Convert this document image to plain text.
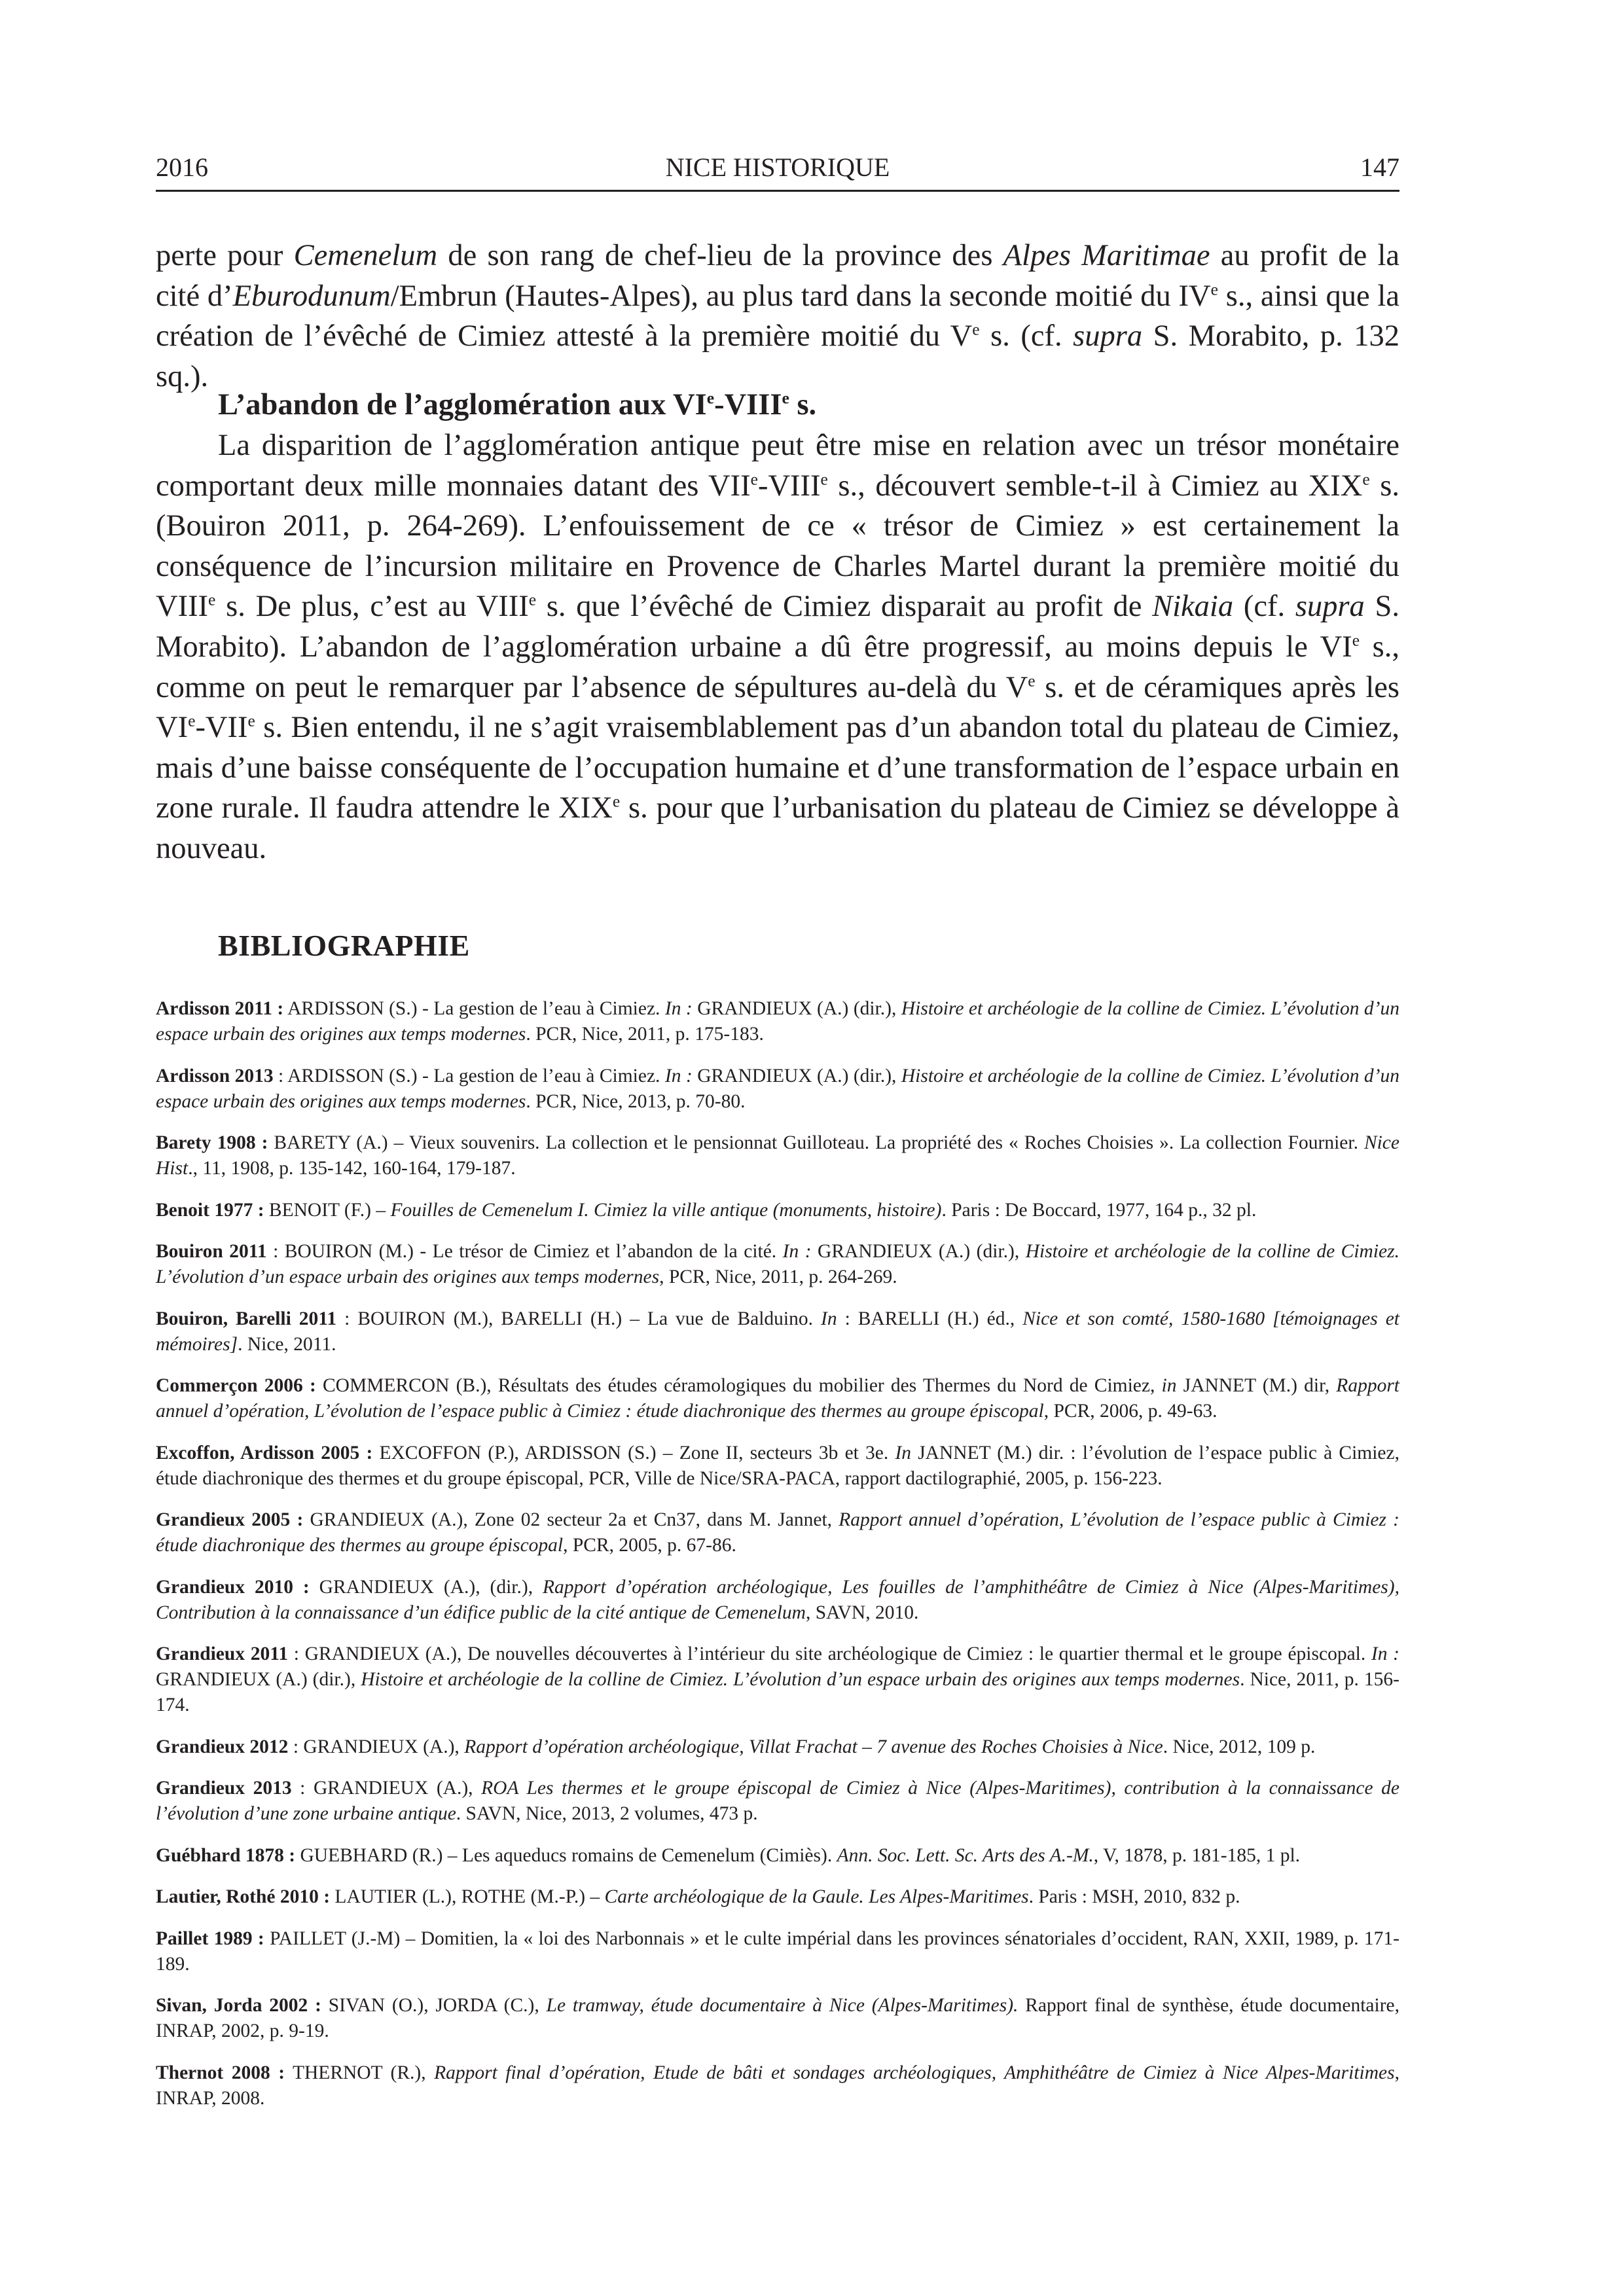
2016	NICE HISTORIQUE	147

perte pour Cemenelum de son rang de chef-lieu de la province des Alpes Maritimae au profit de la cité d’Eburodunum/Embrun (Hautes-Alpes), au plus tard dans la seconde moitié du IVe s., ainsi que la création de l’évêché de Cimiez attesté à la première moitié du Ve s. (cf. supra S. Morabito, p. 132 sq.).

L’abandon de l’agglomération aux VIe-VIIIe s.

La disparition de l’agglomération antique peut être mise en relation avec un trésor monétaire comportant deux mille monnaies datant des VIIe-VIIIe s., découvert semble-t-il à Cimiez au XIXe s. (Bouiron 2011, p. 264-269). L’enfouissement de ce « trésor de Cimiez » est certainement la conséquence de l’incursion militaire en Provence de Charles Martel durant la première moitié du VIIIe s. De plus, c’est au VIIIe s. que l’évêché de Cimiez disparait au profit de Nikaia (cf. supra S. Morabito). L’abandon de l’agglomération urbaine a dû être progressif, au moins depuis le VIe s., comme on peut le remarquer par l’absence de sépultures au-delà du Ve s. et de céramiques après les VIe-VIIe s. Bien entendu, il ne s’agit vraisemblablement pas d’un abandon total du plateau de Cimiez, mais d’une baisse conséquente de l’occupation humaine et d’une transformation de l’espace urbain en zone rurale. Il faudra attendre le XIXe s. pour que l’urbanisation du plateau de Cimiez se développe à nouveau.

BIBLIOGRAPHIE
Ardisson 2011 : ARDISSON (S.) - La gestion de l’eau à Cimiez. In : GRANDIEUX (A.) (dir.), Histoire et archéologie de la colline de Cimiez. L’évolution d’un espace urbain des origines aux temps modernes. PCR, Nice, 2011, p. 175-183.
Ardisson 2013 : ARDISSON (S.) - La gestion de l’eau à Cimiez. In : GRANDIEUX (A.) (dir.), Histoire et archéologie de la colline de Cimiez. L’évolution d’un espace urbain des origines aux temps modernes. PCR, Nice, 2013, p. 70-80.
Barety 1908 : BARETY (A.) – Vieux souvenirs. La collection et le pensionnat Guilloteau. La propriété des « Roches Choisies ». La collection Fournier. Nice Hist., 11, 1908, p. 135-142, 160-164, 179-187.
Benoit 1977 : BENOIT (F.) – Fouilles de Cemenelum I. Cimiez la ville antique (monuments, histoire). Paris : De Boccard, 1977, 164 p., 32 pl.
Bouiron 2011 : BOUIRON (M.) - Le trésor de Cimiez et l’abandon de la cité. In : GRANDIEUX (A.) (dir.), Histoire et archéologie de la colline de Cimiez. L’évolution d’un espace urbain des origines aux temps modernes, PCR, Nice, 2011, p. 264-269.
Bouiron, Barelli 2011 : BOUIRON (M.), BARELLI (H.) – La vue de Balduino. In : BARELLI (H.) éd., Nice et son comté, 1580-1680 [témoignages et mémoires]. Nice, 2011.
Commerçon 2006 : COMMERCON (B.), Résultats des études céramologiques du mobilier des Thermes du Nord de Cimiez, in JANNET (M.) dir, Rapport annuel d’opération, L’évolution de l’espace public à Cimiez : étude diachronique des thermes au groupe épiscopal, PCR, 2006, p. 49-63.
Excoffon, Ardisson 2005 : EXCOFFON (P.), ARDISSON (S.) – Zone II, secteurs 3b et 3e. In JANNET (M.) dir. : l’évolution de l’espace public à Cimiez, étude diachronique des thermes et du groupe épiscopal, PCR, Ville de Nice/SRA-PACA, rapport dactilographié, 2005, p. 156-223.
Grandieux 2005 : GRANDIEUX (A.), Zone 02 secteur 2a et Cn37, dans M. Jannet, Rapport annuel d’opération, L’évolution de l’espace public à Cimiez : étude diachronique des thermes au groupe épiscopal, PCR, 2005, p. 67-86.
Grandieux 2010 : GRANDIEUX (A.), (dir.), Rapport d’opération archéologique, Les fouilles de l’amphithéâtre de Cimiez à Nice (Alpes-Maritimes), Contribution à la connaissance d’un édifice public de la cité antique de Cemenelum, SAVN, 2010.
Grandieux 2011 : GRANDIEUX (A.), De nouvelles découvertes à l’intérieur du site archéologique de Cimiez : le quartier thermal et le groupe épiscopal. In : GRANDIEUX (A.) (dir.), Histoire et archéologie de la colline de Cimiez. L’évolution d’un espace urbain des origines aux temps modernes. Nice, 2011, p. 156-174.
Grandieux 2012 : GRANDIEUX (A.), Rapport d’opération archéologique, Villat Frachat – 7 avenue des Roches Choisies à Nice. Nice, 2012, 109 p.
Grandieux 2013 : GRANDIEUX (A.), ROA Les thermes et le groupe épiscopal de Cimiez à Nice (Alpes-Maritimes), contribution à la connaissance de l’évolution d’une zone urbaine antique. SAVN, Nice, 2013, 2 volumes, 473 p.
Guébhard 1878 : GUEBHARD (R.) – Les aqueducs romains de Cemenelum (Cimiès). Ann. Soc. Lett. Sc. Arts des A.-M., V, 1878, p. 181-185, 1 pl.
Lautier, Rothé 2010 : LAUTIER (L.), ROTHE (M.-P.) – Carte archéologique de la Gaule. Les Alpes-Maritimes. Paris : MSH, 2010, 832 p.
Paillet 1989 : PAILLET (J.-M) – Domitien, la « loi des Narbonnais » et le culte impérial dans les provinces sénatoriales d’occident, RAN, XXII, 1989, p. 171-189.
Sivan, Jorda 2002 : SIVAN (O.), JORDA (C.), Le tramway, étude documentaire à Nice (Alpes-Maritimes). Rapport final de synthèse, étude documentaire, INRAP, 2002, p. 9-19.
Thernot 2008 : THERNOT (R.), Rapport final d’opération, Etude de bâti et sondages archéologiques, Amphithéâtre de Cimiez à Nice Alpes-Maritimes, INRAP, 2008.
